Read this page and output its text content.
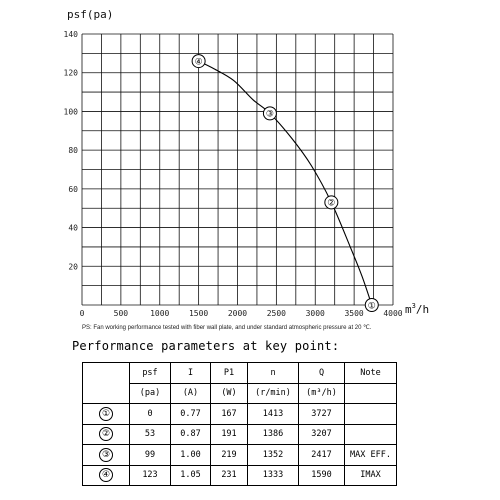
0	500	1000 1500 2000 2500 3000 3500 4000
20
40
60
80
100
120
140
psf(pa)
$m^3/h$
④
③
②
①
PS: Fan working performance tested with fiber wall plate, and under standard atmospheric pressure at 20 ℃.
Performance parameters at key point:
	psf	I	P1	n	Q	Note
	(pa)	(A)	(W)	(r/min)	(m³/h)	
①	0	0.77	167	1413	3727	
②	53	0.87	191	1386	3207	
③	99	1.00	219	1352	2417	MAX EFF.
④	123	1.05	231	1333	1590	IMAX
